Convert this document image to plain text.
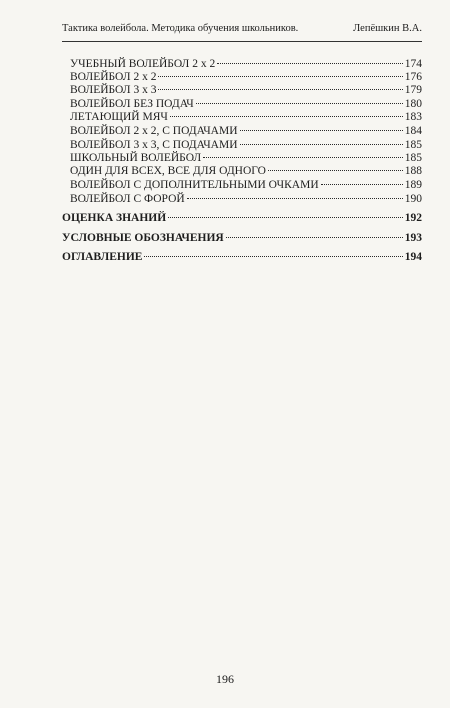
Тактика волейбола. Методика обучения школьников.	Лепёшкин В.А.
УЧЕБНЫЙ ВОЛЕЙБОЛ 2 х 2	174
ВОЛЕЙБОЛ 2 х 2	176
ВОЛЕЙБОЛ 3 х 3	179
ВОЛЕЙБОЛ БЕЗ ПОДАЧ	180
ЛЕТАЮЩИЙ МЯЧ	183
ВОЛЕЙБОЛ 2 х 2, С ПОДАЧАМИ	184
ВОЛЕЙБОЛ 3 х 3, С ПОДАЧАМИ	185
ШКОЛЬНЫЙ ВОЛЕЙБОЛ	185
ОДИН ДЛЯ ВСЕХ, ВСЕ ДЛЯ ОДНОГО	188
ВОЛЕЙБОЛ С ДОПОЛНИТЕЛЬНЫМИ ОЧКАМИ	189
ВОЛЕЙБОЛ С ФОРОЙ	190
ОЦЕНКА ЗНАНИЙ	192
УСЛОВНЫЕ ОБОЗНАЧЕНИЯ	193
ОГЛАВЛЕНИЕ	194
196
